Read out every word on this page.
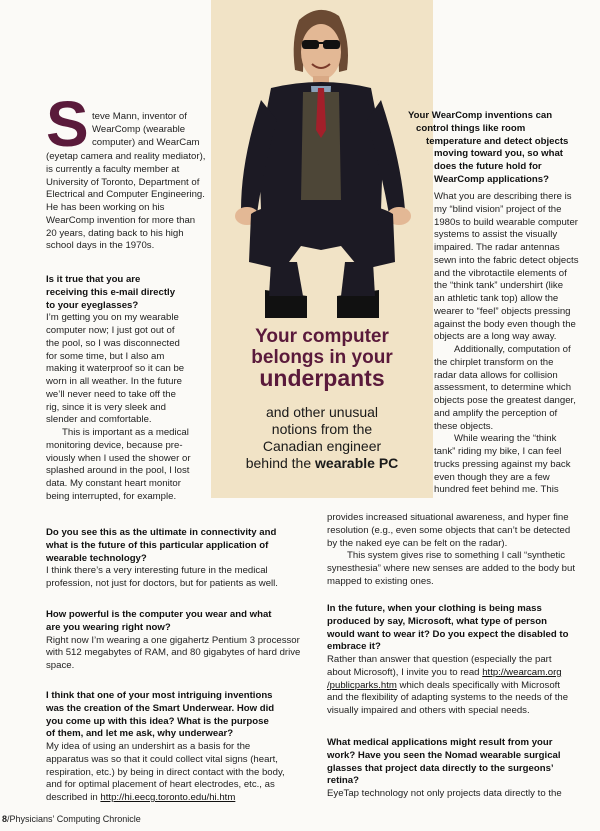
Your computer
belongs in your
underpants
and other unusual
notions from the
Canadian engineer
behind the wearable PC
S teve Mann, inventor of
WearComp (wearable
computer) and WearCam
(eyetap camera and reality mediator),
is currently a faculty member at
University of Toronto, Department of
Electrical and Computer Engineering.
He has been working on his
WearComp invention for more than
20 years, dating back to his high
school days in the 1970s.
Is it true that you are
receiving this e-mail directly
to your eyeglasses?
I’m getting you on my wearable
computer now; I just got out of
the pool, so I was disconnected
for some time, but I also am
making it waterproof so it can be
worn in all weather. In the future
we’ll never need to take off the
rig, since it is very sleek and
slender and comfortable.
This is important as a medical
monitoring device, because pre-
viously when I used the shower or
splashed around in the pool, I lost
data. My constant heart monitor
being interrupted, for example.
Do you see this as the ultimate in connectivity and
what is the future of this particular application of
wearable technology?
I think there’s a very interesting future in the medical
profession, not just for doctors, but for patients as well.
How powerful is the computer you wear and what
are you wearing right now?
Right now I’m wearing a one gigahertz Pentium 3 processor
with 512 megabytes of RAM, and 80 gigabytes of hard drive
space.
I think that one of your most intriguing inventions
was the creation of the Smart Underwear. How did
you come up with this idea? What is the purpose
of them, and let me ask, why underwear?
My idea of using an undershirt as a basis for the
apparatus was so that it could collect vital signs (heart,
respiration, etc.) by being in direct contact with the body,
and for optimal placement of heart electrodes, etc., as
described in http://hi.eecg.toronto.edu/hi.htm
Your WearComp inventions can
control things like room
temperature and detect objects
moving toward you, so what
does the future hold for
WearComp applications?
What you are describing there is
my “blind vision” project of the
1980s to build wearable computer
systems to assist the visually
impaired. The radar antennas
sewn into the fabric detect objects
and the vibrotactile elements of
the “think tank” undershirt (like
an athletic tank top) allow the
wearer to “feel” objects pressing
against the body even though the
objects are a long way away.
Additionally, computation of
the chirplet transform on the
radar data allows for collision
assessment, to determine which
objects pose the greatest danger,
and amplify the perception of
these objects.
While wearing the “think
tank” riding my bike, I can feel
trucks pressing against my back
even though they are a few
hundred feet behind me. This
provides increased situational awareness, and hyper fine
resolution (e.g., even some objects that can’t be detected
by the naked eye can be felt on the radar).
This system gives rise to something I call “synthetic
synesthesia” where new senses are added to the body but
mapped to existing ones.
In the future, when your clothing is being mass
produced by say, Microsoft, what type of person
would want to wear it? Do you expect the disabled to
embrace it?
Rather than answer that question (especially the part
about Microsoft), I invite you to read http://wearcam.org
/publicparks.htm which deals specifically with Microsoft
and the flexibility of adapting systems to the needs of the
visually impaired and others with special needs.
What medical applications might result from your
work? Have you seen the Nomad wearable surgical
glasses that project data directly to the surgeons’
retina?
EyeTap technology not only projects data directly to the
8/Physicians’ Computing Chronicle
